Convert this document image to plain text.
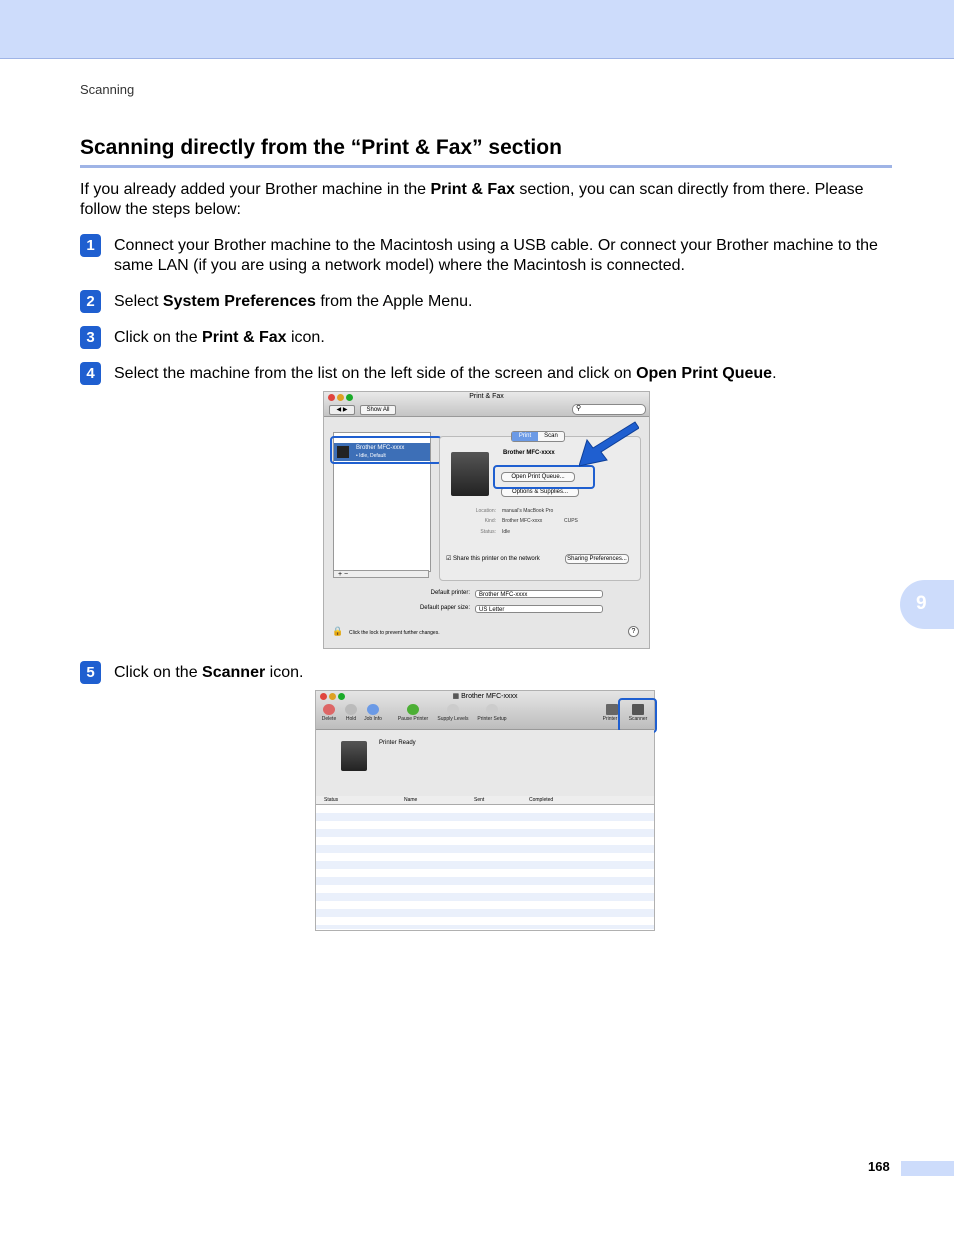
Scanning
Scanning directly from the “Print & Fax” section

If you already added your Brother machine in the Print & Fax section, you can scan directly from there. Please follow the steps below:

1	Connect your Brother machine to the Macintosh using a USB cable. Or connect your Brother machine to the same LAN (if you are using a network model) where the Macintosh is connected.
2	Select System Preferences from the Apple Menu.
3	Click on the Print & Fax icon.
4	Select the machine from the list on the left side of the screen and click on Open Print Queue.
Print & Fax
◀ ▶	Show All	⚲
Brother MFC-xxxx
• Idle, Default
+ −
Print	Scan
Brother MFC-xxxx
Open Print Queue...
Options & Supplies...
Location: manual's MacBook Pro
Kind: Brother MFC-xxxx	CUPS
Status: Idle
☑ Share this printer on the network	Sharing Preferences...
Default printer:	Brother MFC-xxxx
Default paper size:	US Letter
🔒 Click the lock to prevent further changes.	?
5	Click on the Scanner icon.
▦ Brother MFC-xxxx
Delete	Hold	Job Info	Pause Printer	Supply Levels	Printer Setup	Printer	Scanner
Printer Ready
Status	Name	Sent	Completed
9
168
